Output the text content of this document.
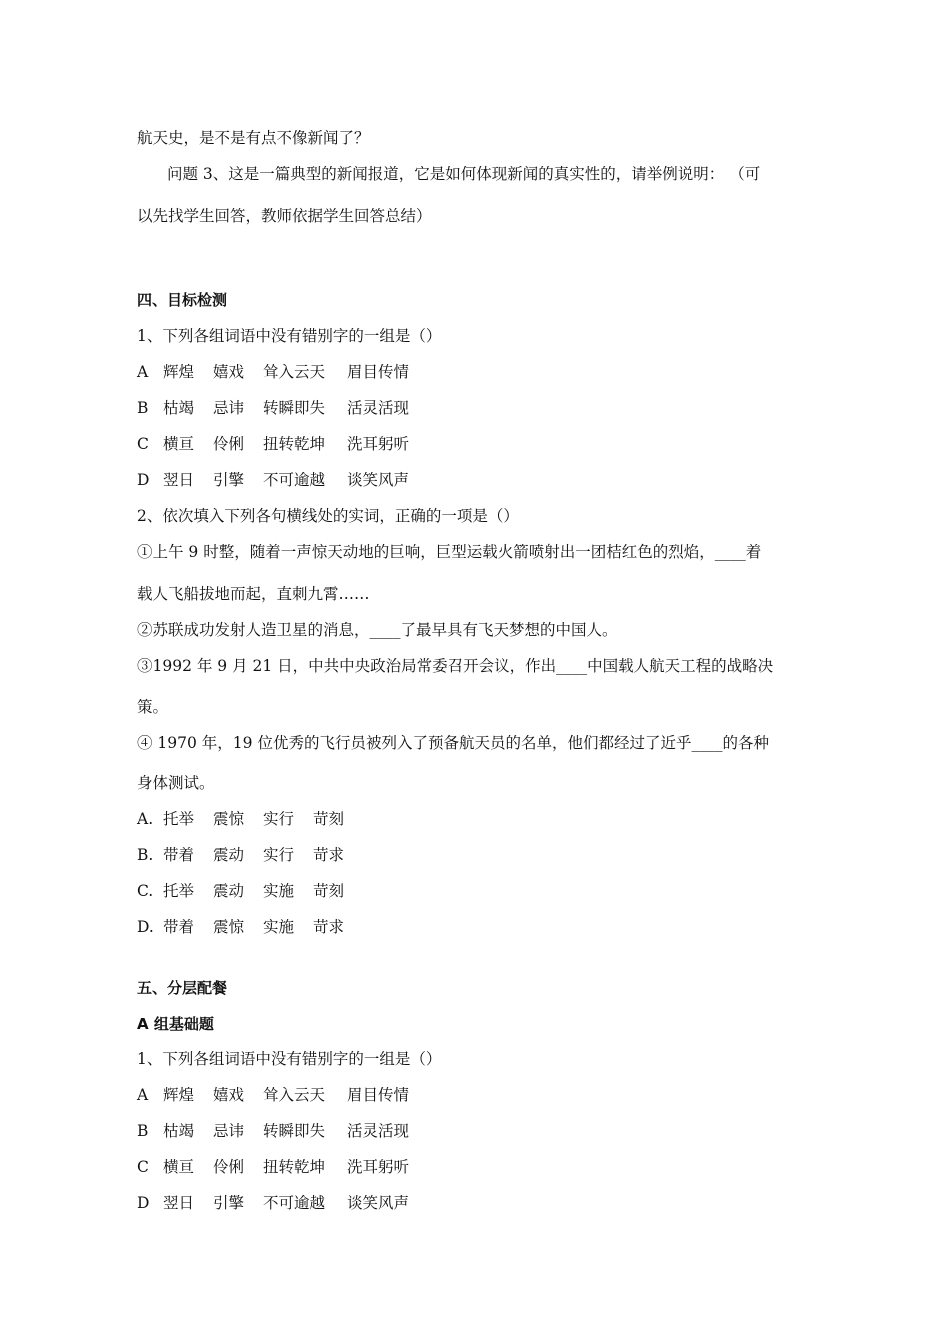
航天史，是不是有点不像新闻了？
问题 3、这是一篇典型的新闻报道，它是如何体现新闻的真实性的，请举例说明： （可
以先找学生回答，教师依据学生回答总结）
四、目标检测
1、下列各组词语中没有错别字的一组是（）
A 辉煌	嬉戏	耸入云天	眉目传情
B 枯竭	忌讳	转瞬即失	活灵活现
C 横亘	伶俐	扭转乾坤	洗耳躬听
D 翌日	引擎	不可逾越	谈笑风声
2、依次填入下列各句横线处的实词，正确的一项是（）
①上午 9 时整，随着一声惊天动地的巨响，巨型运载火箭喷射出一团桔红色的烈焰，____着
载人飞船拔地而起，直刺九霄……
②苏联成功发射人造卫星的消息，____了最早具有飞天梦想的中国人。
③1992 年 9 月 21 日，中共中央政治局常委召开会议，作出____中国载人航天工程的战略决
策。
④ 1970 年，19 位优秀的飞行员被列入了预备航天员的名单，他们都经过了近乎____的各种
身体测试。
A. 托举	震惊	实行	苛刻
B. 带着	震动	实行	苛求
C. 托举	震动	实施	苛刻
D. 带着	震惊	实施	苛求
五、分层配餐
A 组基础题
1、下列各组词语中没有错别字的一组是（）
A 辉煌	嬉戏	耸入云天	眉目传情
B 枯竭	忌讳	转瞬即失	活灵活现
C 横亘	伶俐	扭转乾坤	洗耳躬听
D 翌日	引擎	不可逾越	谈笑风声
